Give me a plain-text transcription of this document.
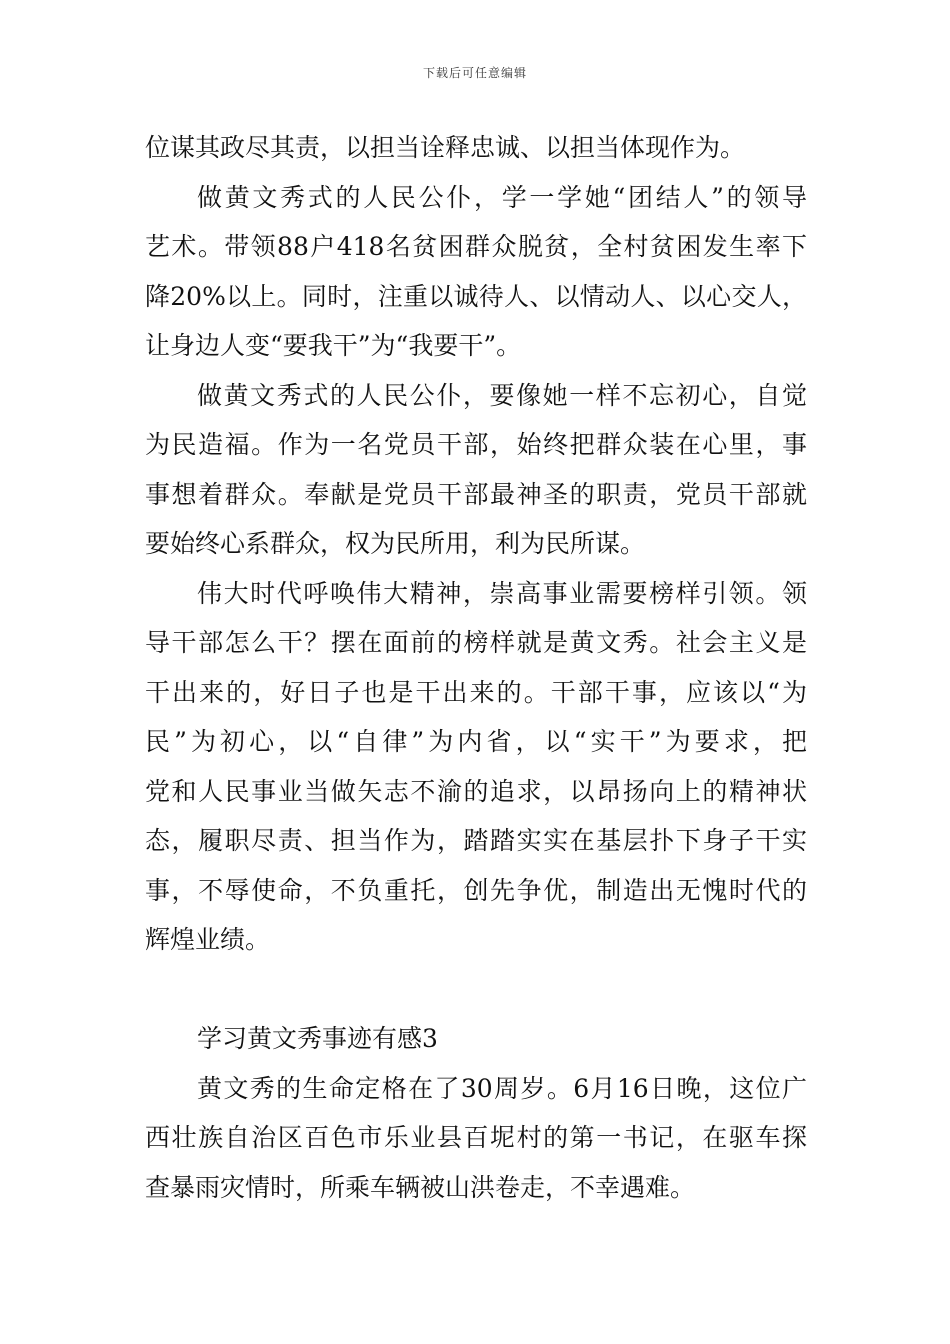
下载后可任意编辑
位谋其政尽其责，以担当诠释忠诚、以担当体现作为。
做黄文秀式的人民公仆，学一学她“团结人”的领导
艺术。带领88户418名贫困群众脱贫，全村贫困发生率下
降20%以上。同时，注重以诚待人、以情动人、以心交人，
让身边人变“要我干”为“我要干”。
做黄文秀式的人民公仆，要像她一样不忘初心，自觉
为民造福。作为一名党员干部，始终把群众装在心里，事
事想着群众。奉献是党员干部最神圣的职责，党员干部就
要始终心系群众，权为民所用，利为民所谋。
伟大时代呼唤伟大精神，崇高事业需要榜样引领。领
导干部怎么干？摆在面前的榜样就是黄文秀。社会主义是
干出来的，好日子也是干出来的。干部干事，应该以“为
民”为初心，以“自律”为内省，以“实干”为要求，把
党和人民事业当做矢志不渝的追求，以昂扬向上的精神状
态，履职尽责、担当作为，踏踏实实在基层扑下身子干实
事，不辱使命，不负重托，创先争优，制造出无愧时代的
辉煌业绩。
学习黄文秀事迹有感3
黄文秀的生命定格在了30周岁。6月16日晚，这位广
西壮族自治区百色市乐业县百坭村的第一书记，在驱车探
查暴雨灾情时，所乘车辆被山洪卷走，不幸遇难。
